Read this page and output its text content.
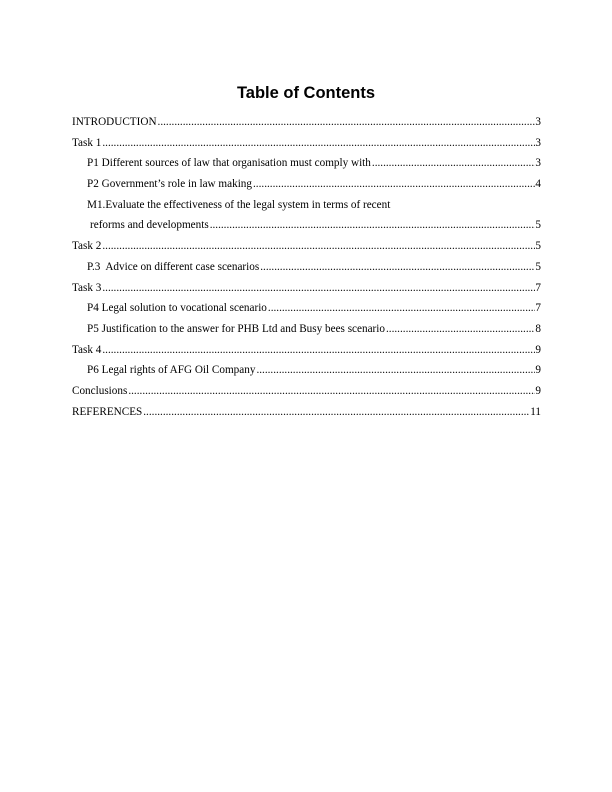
Table of Contents
INTRODUCTION .....	3
Task 1 .....	3
P1 Different sources of law that organisation must comply with .....	3
P2 Government’s role in law making .....	4
M1.Evaluate the effectiveness of the legal system in terms of recent
reforms and developments .....	5
Task 2 .....	5
P.3  Advice on different case scenarios .....	5
Task 3 .....	7
P4 Legal solution to vocational scenario .....	7
P5 Justification to the answer for PHB Ltd and Busy bees scenario .....	8
Task 4 .....	9
P6 Legal rights of AFG Oil Company .....	9
Conclusions .....	9
REFERENCES .....	11
